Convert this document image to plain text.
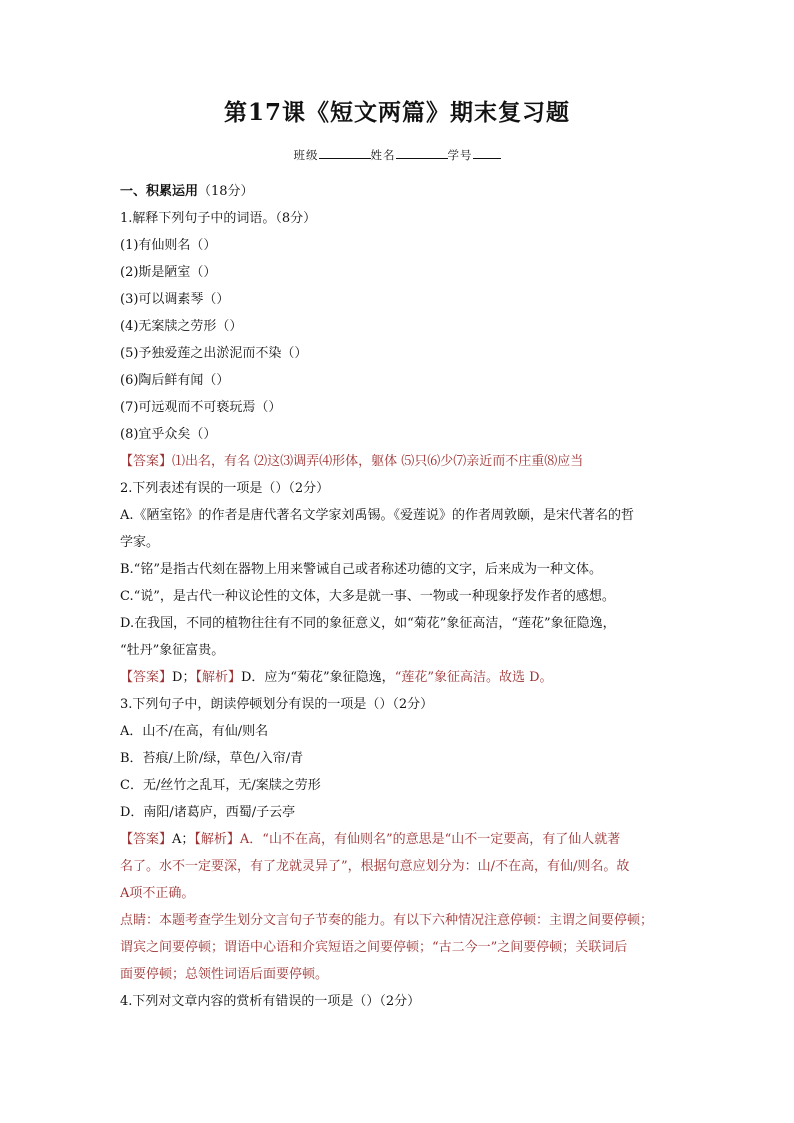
第17课《短文两篇》期末复习题
班级	姓名	学号
一、积累运用（18分）
1.解释下列句子中的词语。（8分）
(1)有仙则名（）
(2)斯是陋室（）
(3)可以调素琴（）
(4)无案牍之劳形（）
(5)予独爱莲之出淤泥而不染（）
(6)陶后鲜有闻（）
(7)可远观而不可亵玩焉（）
(8)宜乎众矣（）
【答案】⑴出名，有名 ⑵这⑶调弄⑷形体，躯体 ⑸只⑹少⑺亲近而不庄重⑻应当
2.下列表述有误的一项是（）（2分）
A.《陋室铭》的作者是唐代著名文学家刘禹锡。《爱莲说》的作者周敦颐，是宋代著名的哲
学家。
B.“铭”是指古代刻在器物上用来警诫自己或者称述功德的文字，后来成为一种文体。
C.“说”，是古代一种议论性的文体，大多是就一事、一物或一种现象抒发作者的感想。
D.在我国，不同的植物往往有不同的象征意义，如“菊花”象征高洁，“莲花”象征隐逸，
“牡丹”象征富贵。
【答案】D；【解析】D．应为“菊花”象征隐逸，“莲花”象征高洁。故选 D。
3.下列句子中，朗读停顿划分有误的一项是（）（2分）
A．山不/在高，有仙/则名
B．苔痕/上阶/绿，草色/入帘/青
C．无/丝竹之乱耳，无/案牍之劳形
D．南阳/诸葛庐，西蜀/子云亭
【答案】A；【解析】A．“山不在高，有仙则名”的意思是“山不一定要高，有了仙人就著
名了。水不一定要深，有了龙就灵异了”，根据句意应划分为：山/不在高，有仙/则名。故
A项不正确。
点睛：本题考查学生划分文言句子节奏的能力。有以下六种情况注意停顿：主谓之间要停顿；
谓宾之间要停顿；谓语中心语和介宾短语之间要停顿；“古二今一”之间要停顿；关联词后
面要停顿；总领性词语后面要停顿。
4.下列对文章内容的赏析有错误的一项是（）（2分）
